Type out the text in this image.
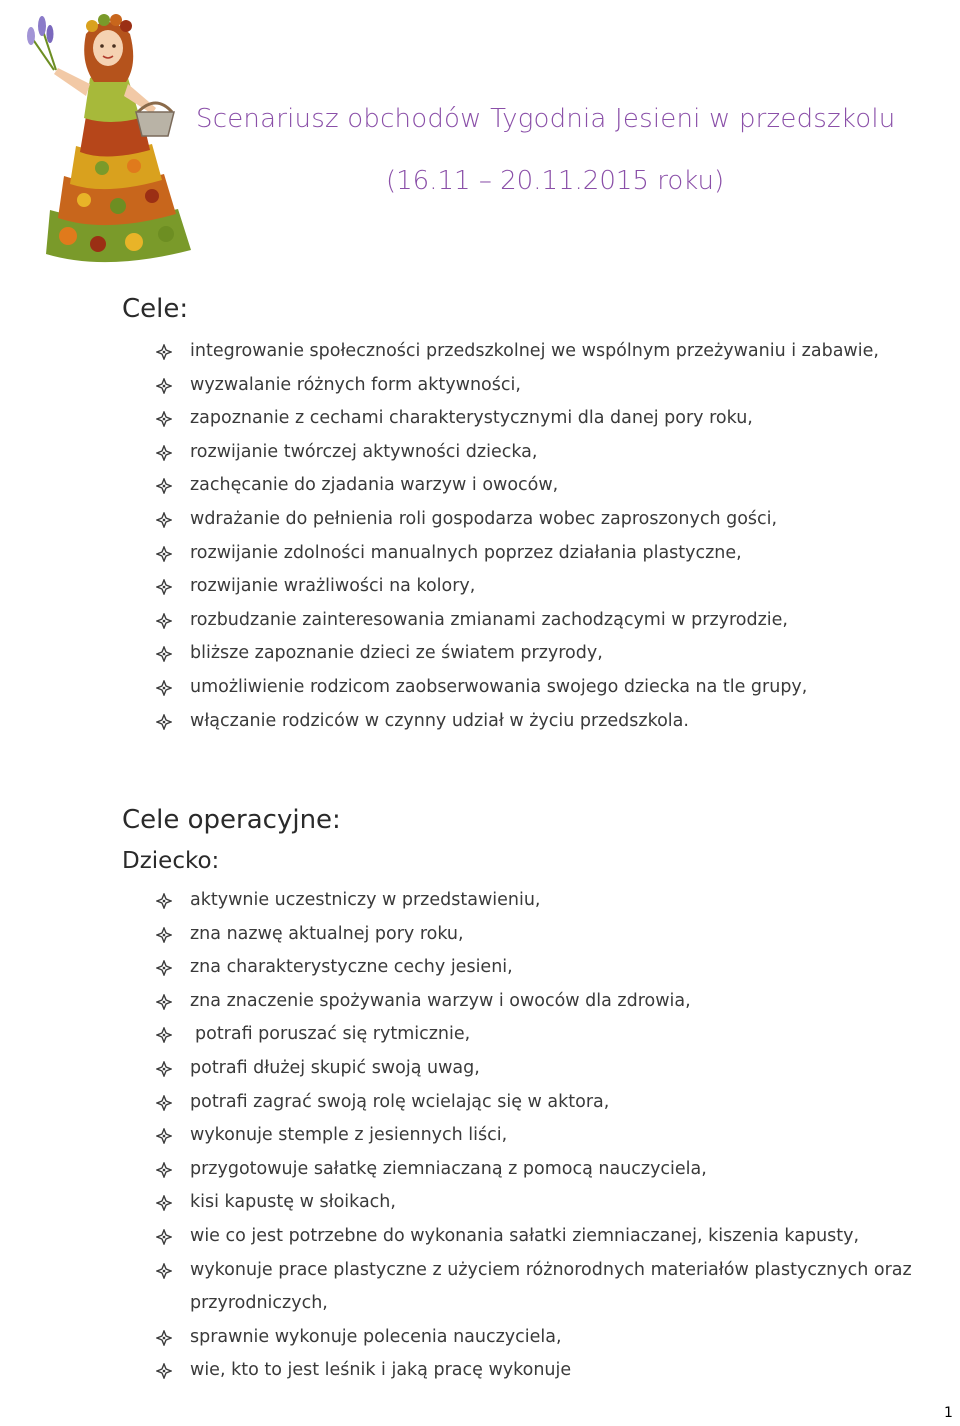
Scenariusz obchodów Tygodnia Jesieni w przedszkolu
(16.11 – 20.11.2015 roku)
Cele:
integrowanie społeczności przedszkolnej we wspólnym przeżywaniu i zabawie,
wyzwalanie różnych form aktywności,
zapoznanie z cechami charakterystycznymi dla danej pory roku,
rozwijanie twórczej aktywności dziecka,
zachęcanie do zjadania warzyw i owoców,
wdrażanie do pełnienia roli gospodarza wobec zaproszonych gości,
rozwijanie zdolności manualnych poprzez działania plastyczne,
rozwijanie wrażliwości na kolory,
rozbudzanie zainteresowania zmianami zachodzącymi w przyrodzie,
bliższe zapoznanie dzieci ze światem przyrody,
umożliwienie rodzicom zaobserwowania swojego dziecka na tle grupy,
włączanie rodziców w czynny udział w życiu przedszkola.
Cele operacyjne:
Dziecko:
aktywnie uczestniczy w przedstawieniu,
zna nazwę aktualnej pory roku,
zna charakterystyczne cechy jesieni,
zna znaczenie spożywania warzyw i owoców dla zdrowia,
potrafi poruszać się rytmicznie,
potrafi dłużej skupić swoją uwag,
potrafi zagrać swoją rolę wcielając się w aktora,
wykonuje stemple z jesiennych liści,
przygotowuje sałatkę ziemniaczaną z pomocą nauczyciela,
kisi kapustę w słoikach,
wie co jest potrzebne do wykonania sałatki ziemniaczanej, kiszenia kapusty,
wykonuje prace plastyczne z użyciem różnorodnych materiałów plastycznych oraz przyrodniczych,
sprawnie wykonuje polecenia nauczyciela,
wie, kto to jest leśnik i jaką pracę wykonuje
1
